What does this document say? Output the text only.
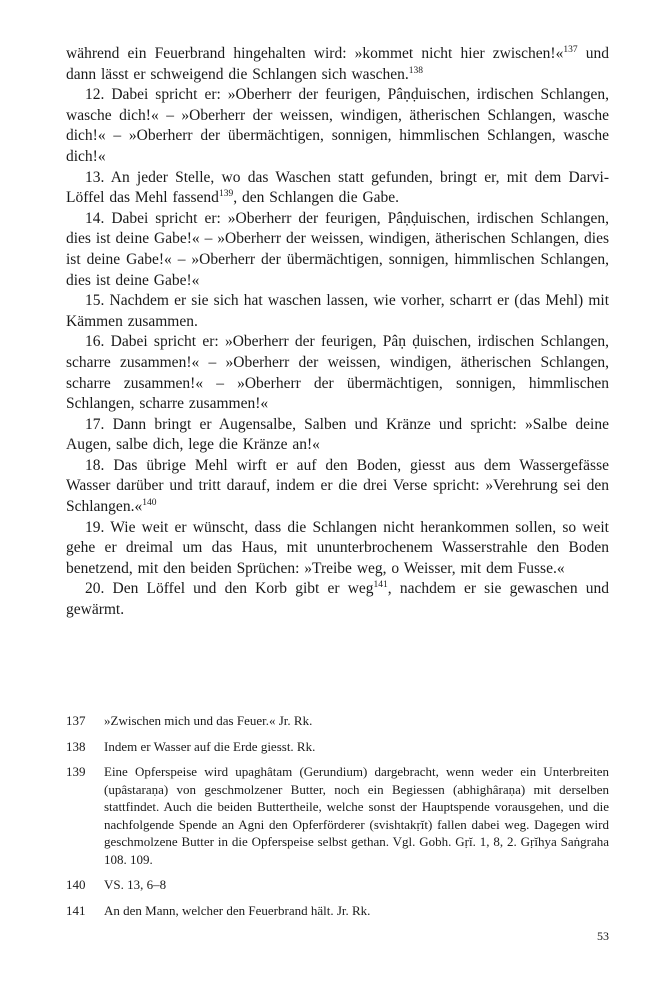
während ein Feuerbrand hingehalten wird: »kommet nicht hier zwischen!«$^{137}$ und dann lässt er schweigend die Schlangen sich waschen.$^{138}$

12. Dabei spricht er: »Oberherr der feurigen, Pâṇḍuischen, irdischen Schlangen, wasche dich!« – »Oberherr der weissen, windigen, ätherischen Schlangen, wasche dich!« – »Oberherr der übermächtigen, sonnigen, himmlischen Schlangen, wasche dich!«

13. An jeder Stelle, wo das Waschen statt gefunden, bringt er, mit dem Darvi-Löffel das Mehl fassend$^{139}$, den Schlangen die Gabe.

14. Dabei spricht er: »Oberherr der feurigen, Pâṇḍuischen, irdischen Schlangen, dies ist deine Gabe!« – »Oberherr der weissen, windigen, ätherischen Schlangen, dies ist deine Gabe!« – »Oberherr der übermächtigen, sonnigen, himmlischen Schlangen, dies ist deine Gabe!«

15. Nachdem er sie sich hat waschen lassen, wie vorher, scharrt er (das Mehl) mit Kämmen zusammen.

16. Dabei spricht er: »Oberherr der feurigen, Pâṇ ḍuischen, irdischen Schlangen, scharre zusammen!« – »Oberherr der weissen, windigen, ätherischen Schlangen, scharre zusammen!« – »Oberherr der übermächtigen, sonnigen, himmlischen Schlangen, scharre zusammen!«

17. Dann bringt er Augensalbe, Salben und Kränze und spricht: »Salbe deine Augen, salbe dich, lege die Kränze an!«

18. Das übrige Mehl wirft er auf den Boden, giesst aus dem Wassergefässe Wasser darüber und tritt darauf, indem er die drei Verse spricht: »Verehrung sei den Schlangen.«$^{140}$

19. Wie weit er wünscht, dass die Schlangen nicht herankommen sollen, so weit gehe er dreimal um das Haus, mit ununterbrochenem Wasserstrahle den Boden benetzend, mit den beiden Sprüchen: »Treibe weg, o Weisser, mit dem Fusse.«

20. Den Löffel und den Korb gibt er weg$^{141}$, nachdem er sie gewaschen und gewärmt.

137	»Zwischen mich und das Feuer.« Jr. Rk.
138	Indem er Wasser auf die Erde giesst. Rk.
139	Eine Opferspeise wird upaghâtam (Gerundium) dargebracht, wenn weder ein Unterbreiten (upâstaraṇa) von geschmolzener Butter, noch ein Begiessen (abhighâraṇa) mit derselben stattfindet. Auch die beiden Buttertheile, welche sonst der Hauptspende vorausgehen, und die nachfolgende Spende an Agni den Opferförderer (svishtakṛĭt) fallen dabei weg. Dagegen wird geschmolzene Butter in die Opferspeise selbst gethan. Vgl. Gobh. Gṛĭ. 1, 8, 2. Gṛĭhya Saṅgraha 108. 109.
140	VS. 13, 6–8
141	An den Mann, welcher den Feuerbrand hält. Jr. Rk.
53
